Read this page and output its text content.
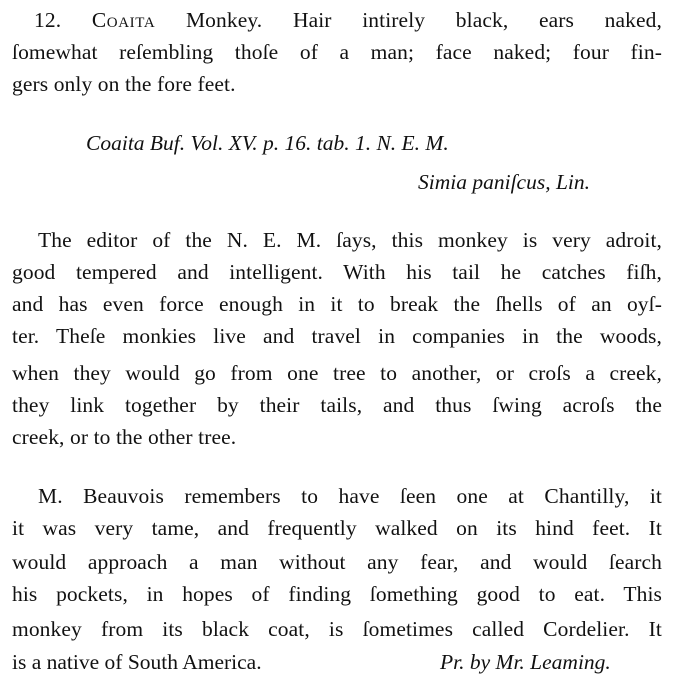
12. Coaita Monkey. Hair intirely black, ears naked,
ſomewhat reſembling thoſe of a man; face naked; four fin-
gers only on the fore feet.
Coaita Buf. Vol. XV. p. 16. tab. 1. N. E. M.
Simia paniſcus, Lin.
The editor of the N. E. M. ſays, this monkey is very adroit,
good tempered and intelligent. With his tail he catches fiſh,
and has even force enough in it to break the ſhells of an oyſ-
ter. Theſe monkies live and travel in companies in the woods,
when they would go from one tree to another, or croſs a creek,
they link together by their tails, and thus ſwing acroſs the
creek, or to the other tree.
M. Beauvois remembers to have ſeen one at Chantilly, it
it was very tame, and frequently walked on its hind feet. It
would approach a man without any fear, and would ſearch
his pockets, in hopes of finding ſomething good to eat. This
monkey from its black coat, is ſometimes called Cordelier. It
is a native of South America.	Pr. by Mr. Leaming.
